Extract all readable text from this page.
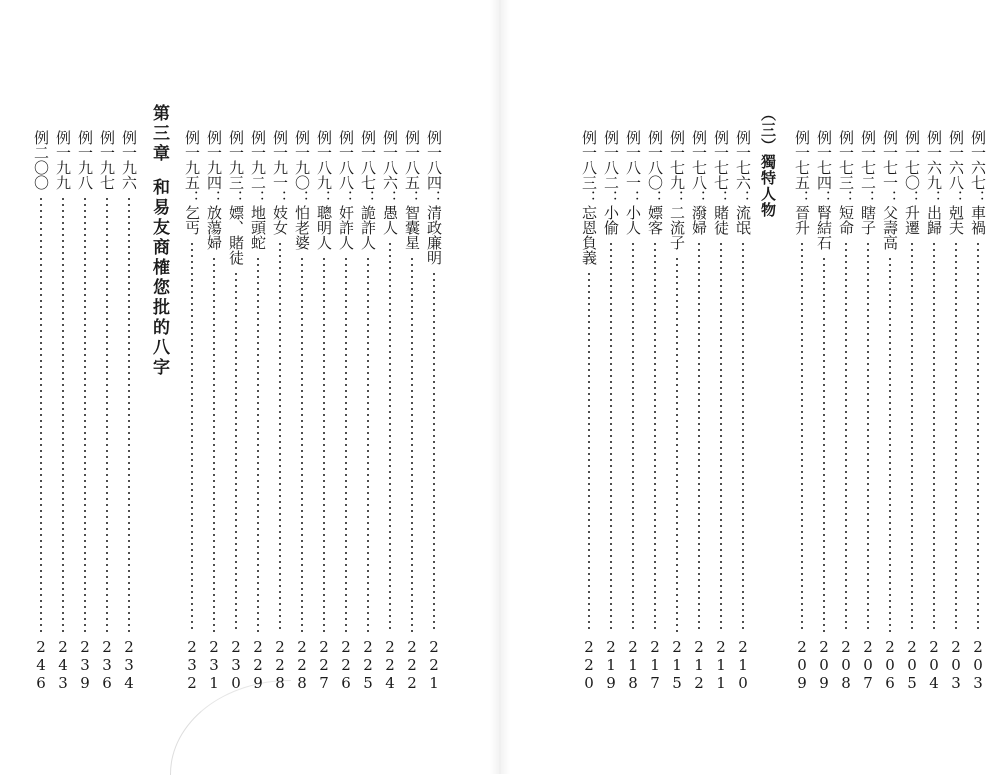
第三章和易友商榷您批的八字
︵三︶獨特人物
例一八四：清政廉明
221
例一八五：智囊星
222
例一八六：愚人
224
例一八七：詭詐人
225
例一八八：奸詐人
226
例一八九：聰明人
227
例一九〇：怕老婆
228
例一九一：妓女
228
例一九二：地頭蛇
229
例一九三：嫖、賭徒
230
例一九四：放蕩婦
231
例一九五：乞丐
232
例一九六
234
例一九七
236
例一九八
239
例一九九
243
例二〇〇
246
例一六七：車禍
203
例一六八：剋夫
203
例一六九：出歸
204
例一七〇：升遷
205
例一七一：父壽高
206
例一七二：瞎子
207
例一七三：短命
208
例一七四：腎結石
209
例一七五：晉升
209
例一七六：流氓
210
例一七七：賭徒
211
例一七八：潑婦
212
例一七九：二流子
215
例一八〇：嫖客
217
例一八一：小人
218
例一八二：小偷
219
例一八三：忘恩負義
220
